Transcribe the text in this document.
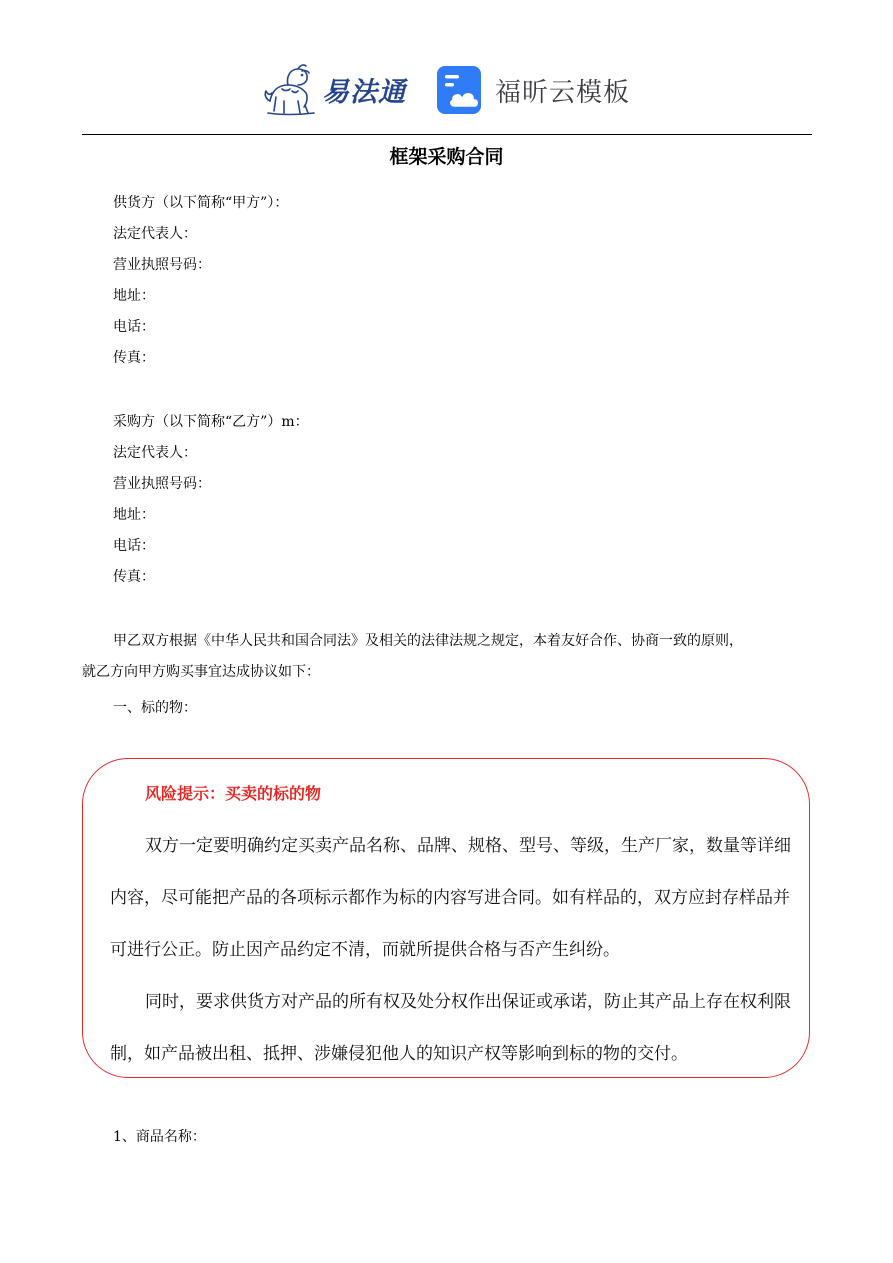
易法通	福昕云模板
框架采购合同
供货方（以下简称“甲方”）：
法定代表人：
营业执照号码：
地址：
电话：
传真：
采购方（以下简称“乙方”）m：
法定代表人：
营业执照号码：
地址：
电话：
传真：
甲乙双方根据《中华人民共和国合同法》及相关的法律法规之规定，本着友好合作、协商一致的原则，
就乙方向甲方购买事宜达成协议如下：
一、标的物：
风险提示：买卖的标的物
双方一定要明确约定买卖产品名称、品牌、规格、型号、等级，生产厂家，数量等详细
内容，尽可能把产品的各项标示都作为标的内容写进合同。如有样品的，双方应封存样品并
可进行公正。防止因产品约定不清，而就所提供合格与否产生纠纷。
同时，要求供货方对产品的所有权及处分权作出保证或承诺，防止其产品上存在权利限
制，如产品被出租、抵押、涉嫌侵犯他人的知识产权等影响到标的物的交付。
1、商品名称：
